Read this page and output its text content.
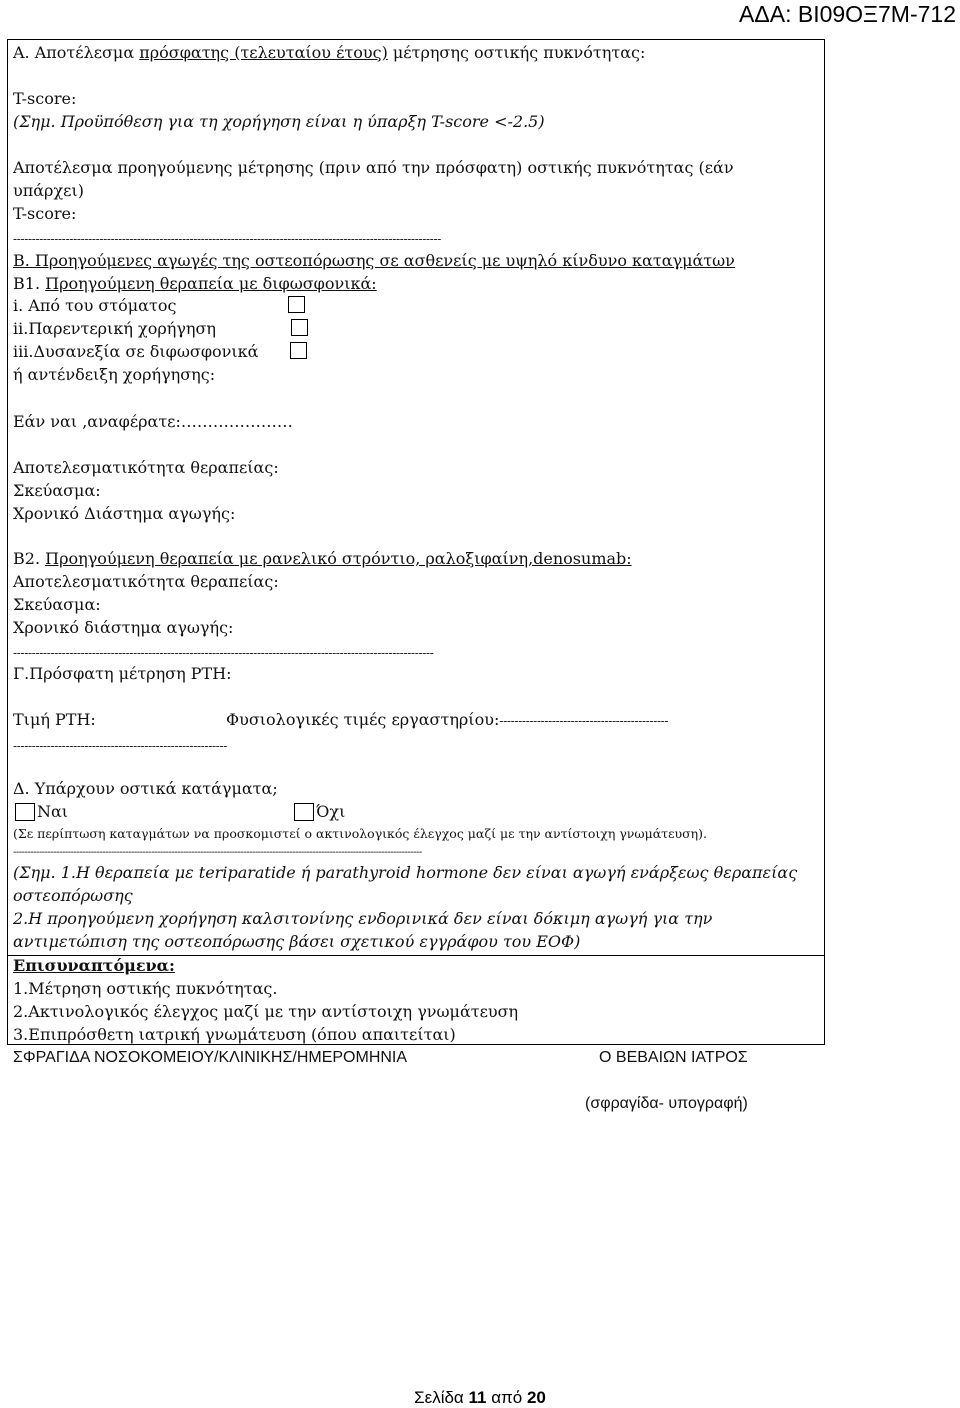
ΑΔΑ: ΒΙ09ΟΞ7Μ-712
Α. Αποτέλεσμα πρόσφατης (τελευταίου έτους) μέτρησης οστικής πυκνότητας:
T-score:
(Σημ. Προϋπόθεση για τη χορήγηση είναι η ύπαρξη T-score <-2.5)
Αποτέλεσμα προηγούμενης μέτρησης (πριν από την πρόσφατη) οστικής πυκνότητας (εάν
υπάρχει)
T-score:
------------------------------------------------------------------------------------------------------------------
Β. Προηγούμενες αγωγές της οστεοπόρωσης σε ασθενείς με υψηλό κίνδυνο καταγμάτων
Β1. Προηγούμενη θεραπεία με διφωσφονικά:
i. Από του στόματος
ii.Παρεντερική χορήγηση
iii.Δυσανεξία σε διφωσφονικά
ή αντένδειξη χορήγησης:
Εάν ναι ,αναφέρατε:…………………
Αποτελεσματικότητα θεραπείας:
Σκεύασμα:
Χρονικό Διάστημα αγωγής:
Β2. Προηγούμενη θεραπεία με ρανελικό στρόντιο, ραλοξιφαίνη,denosumab:
Αποτελεσματικότητα θεραπείας:
Σκεύασμα:
Χρονικό διάστημα αγωγής:
----------------------------------------------------------------------------------------------------------------
Γ.Πρόσφατη μέτρηση PTH:
Τιμή PTH:	Φυσιολογικές τιμές εργαστηρίου:---------------------------------------------
---------------------------------------------------------
Δ. Υπάρχουν οστικά κατάγματα;
Ναι	Όχι
(Σε περίπτωση καταγμάτων να προσκομιστεί ο ακτινολογικός έλεγχος μαζί με την αντίστοιχη γνωμάτευση).
----------------------------------------------------------------------------------------------------------------------------------------------
(Σημ. 1.Η θεραπεία με teriparatide ή parathyroid hormone δεν είναι αγωγή ενάρξεως θεραπείας
οστεοπόρωσης
2.Η προηγούμενη χορήγηση καλσιτονίνης ενδορινικά δεν είναι δόκιμη αγωγή για την
αντιμετώπιση της οστεοπόρωσης βάσει σχετικού εγγράφου του ΕΟΦ)
Επισυναπτόμενα:
1.Μέτρηση οστικής πυκνότητας.
2.Ακτινολογικός έλεγχος μαζί με την αντίστοιχη γνωμάτευση
3.Επιπρόσθετη ιατρική γνωμάτευση (όπου απαιτείται)
ΣΦΡΑΓΙΔΑ ΝΟΣΟΚΟΜΕΙΟΥ/ΚΛΙΝΙΚΗΣ/ΗΜΕΡΟΜΗΝΙΑ	Ο ΒΕΒΑΙΩΝ ΙΑΤΡΟΣ
(σφραγίδα- υπογραφή)
Σελίδα 11 από 20
